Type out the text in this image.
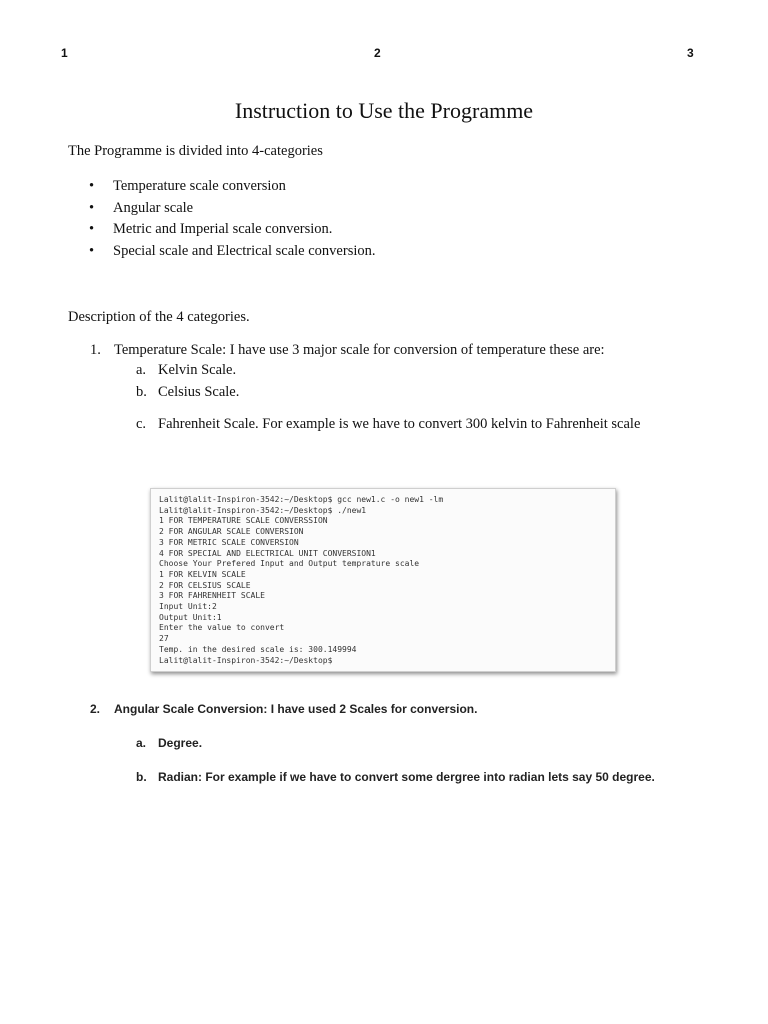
1	2	3
Instruction to Use the Programme
The Programme is divided into 4-categories
• Temperature scale conversion
• Angular scale
• Metric and Imperial scale conversion.
• Special scale and Electrical scale conversion.
Description of the 4 categories.
1. Temperature Scale: I have use 3 major scale for conversion of temperature these are:
a. Kelvin Scale.
b. Celsius Scale.
c. Fahrenheit Scale. For example is we have to convert 300 kelvin to Fahrenheit scale
Lalit@lalit-Inspiron-3542:~/Desktop$ gcc new1.c -o new1 -lm
Lalit@lalit-Inspiron-3542:~/Desktop$ ./new1
1 FOR TEMPERATURE SCALE CONVERSSION
2 FOR ANGULAR SCALE CONVERSION
3 FOR METRIC SCALE CONVERSION
4 FOR SPECIAL AND ELECTRICAL UNIT CONVERSION1
Choose Your Prefered Input and Output temprature scale
1 FOR KELVIN SCALE
2 FOR CELSIUS SCALE
3 FOR FAHRENHEIT SCALE
Input Unit:2
Output Unit:1
Enter the value to convert
27
Temp. in the desired scale is: 300.149994
Lalit@lalit-Inspiron-3542:~/Desktop$
2. Angular Scale Conversion: I have used 2 Scales for conversion.
a. Degree.
b. Radian: For example if we have to convert some dergree into radian lets say 50 degree.
